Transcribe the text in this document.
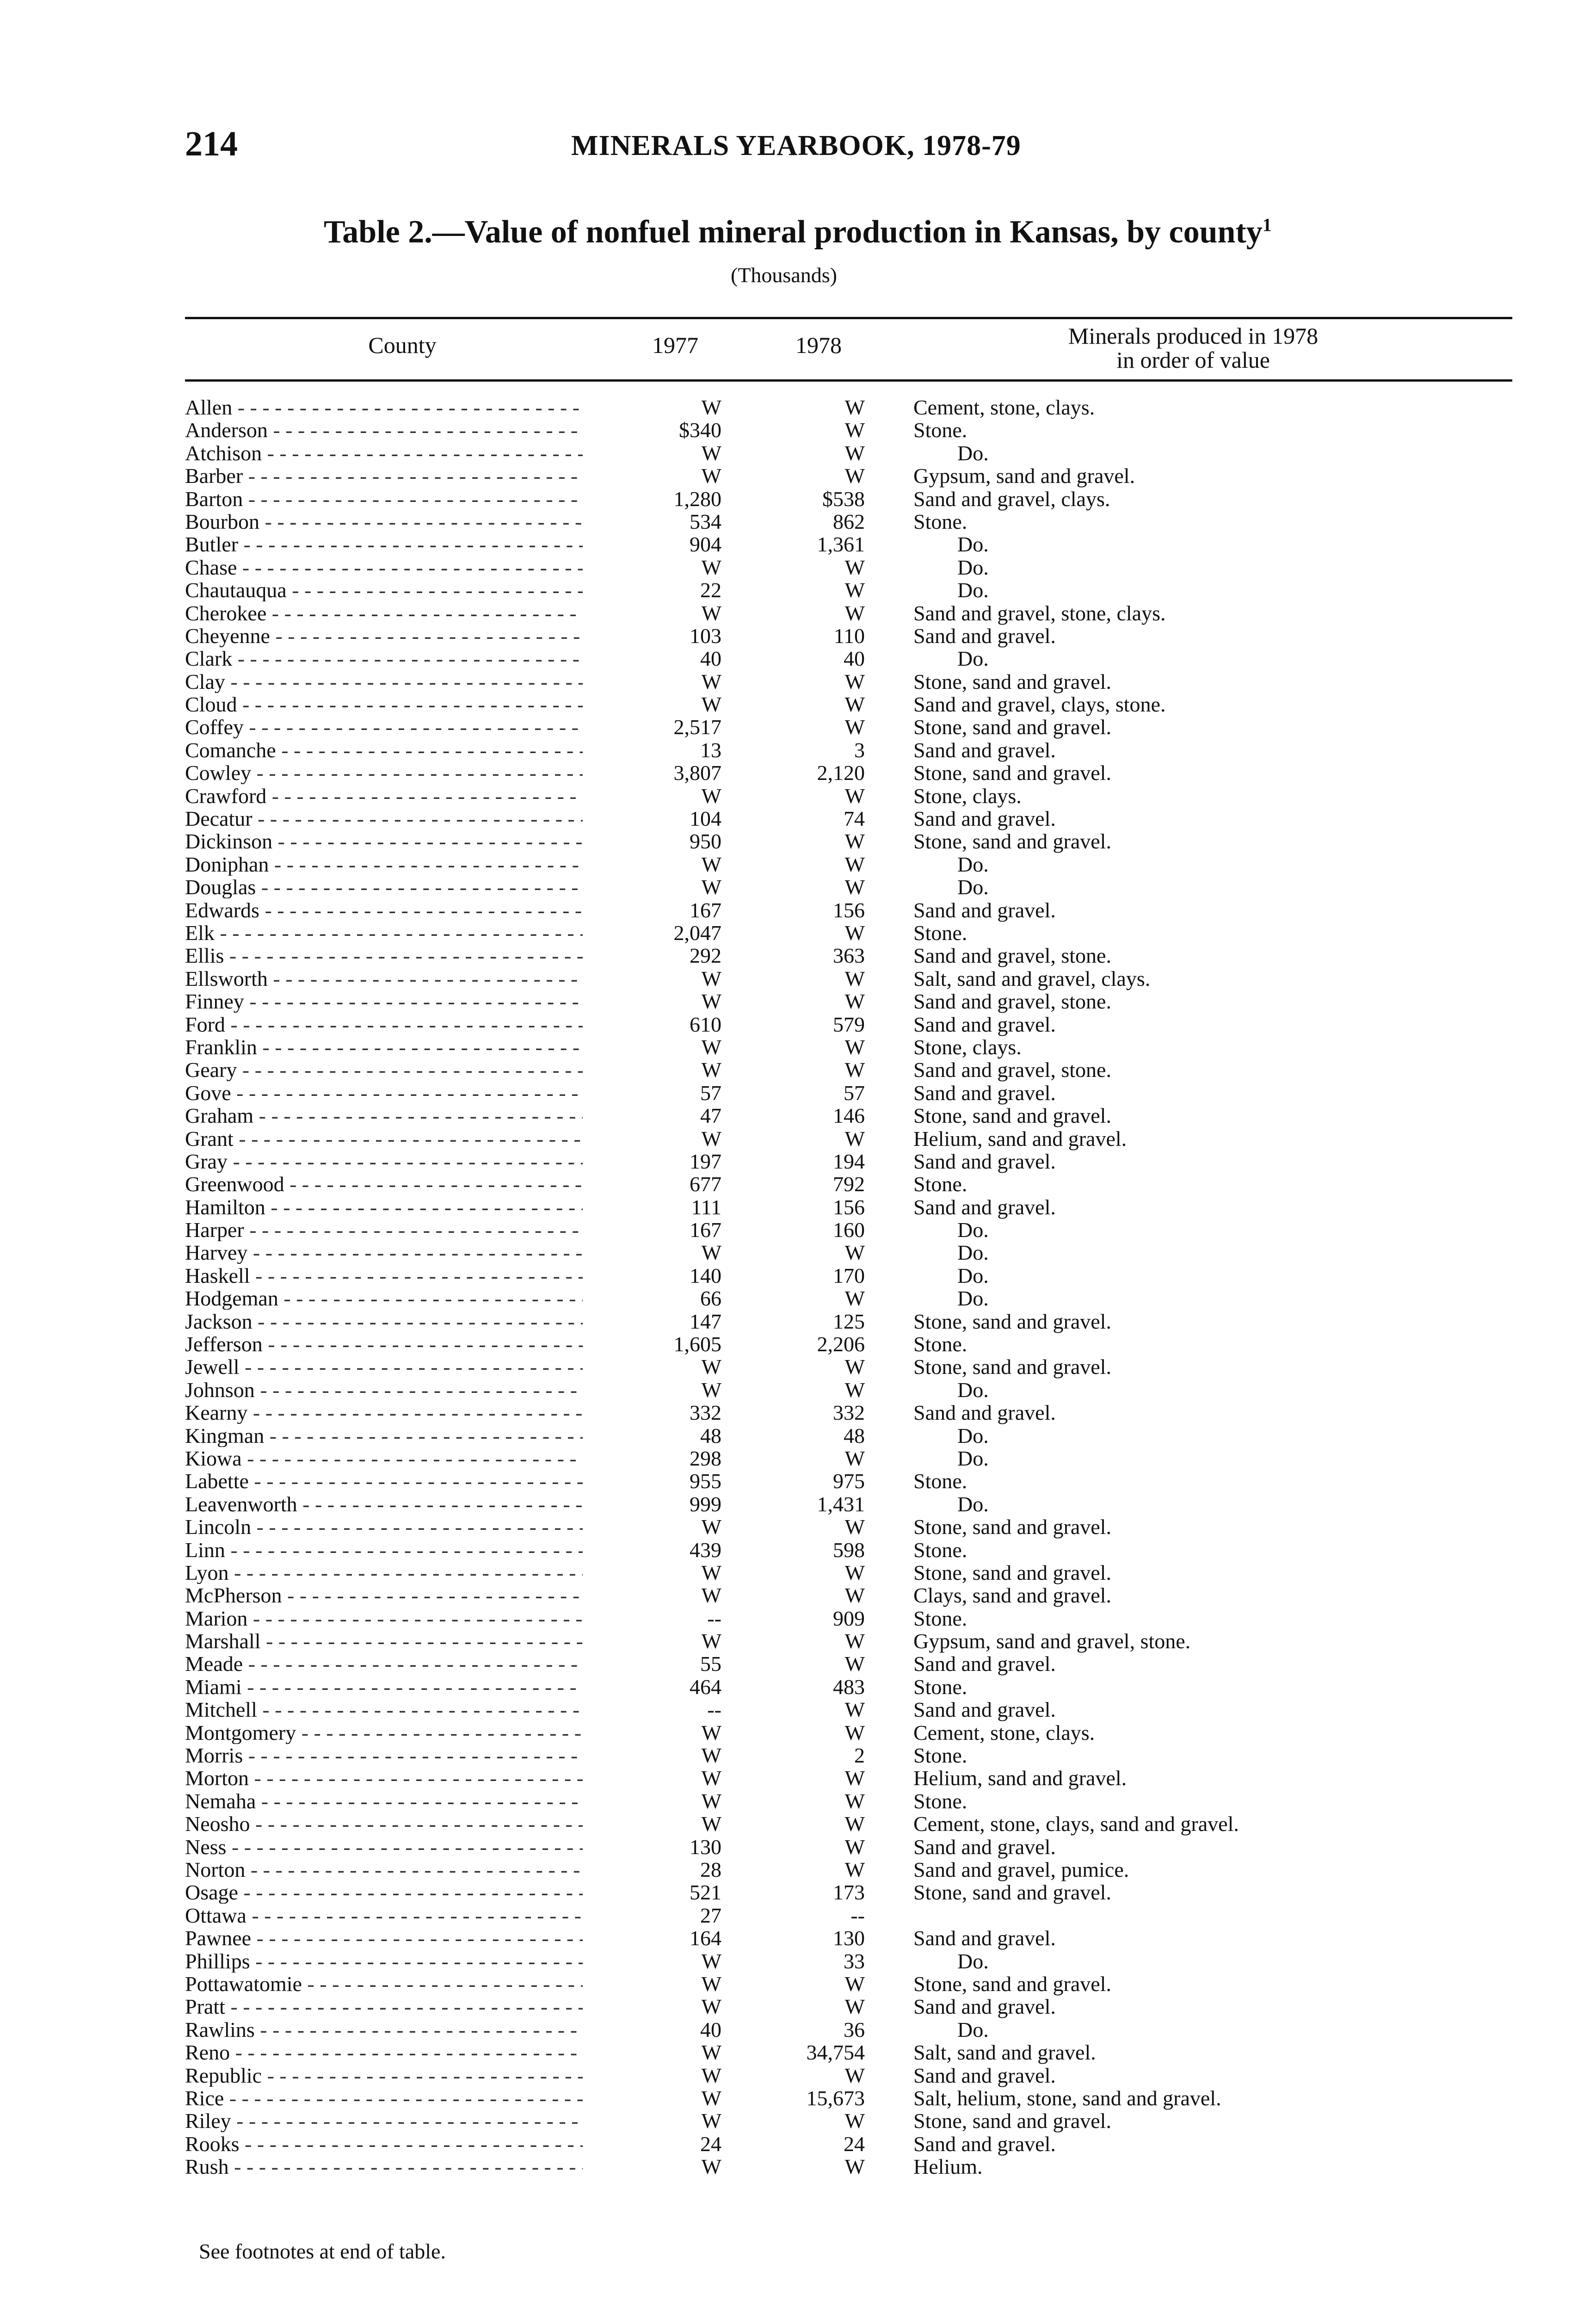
214	MINERALS YEARBOOK, 1978-79
Table 2.—Value of nonfuel mineral production in Kansas, by county$^1$
(Thousands)
County	1977	1978	Minerals produced in 1978
in order of value
Allen - - -	W	W Cement, stone, clays.
Anderson - - -	$340	W Stone.
Atchison - - -	W	W	Do.
Barber - - -	W	W Gypsum, sand and gravel.
Barton - - -	1,280	$538 Sand and gravel, clays.
Bourbon - - -	534	862 Stone.
Butler - - -	904	1,361	Do.
Chase - - -	W	W	Do.
Chautauqua - - -	22	W	Do.
Cherokee - - -	W	W Sand and gravel, stone, clays.
Cheyenne - - -	103	110 Sand and gravel.
Clark - - -	40	40	Do.
Clay - - -	W	W Stone, sand and gravel.
Cloud - - -	W	W Sand and gravel, clays, stone.
Coffey - - -	2,517	W Stone, sand and gravel.
Comanche - - -	13	3 Sand and gravel.
Cowley - - -	3,807	2,120 Stone, sand and gravel.
Crawford - - -	W	W Stone, clays.
Decatur - - -	104	74 Sand and gravel.
Dickinson - - -	950	W Stone, sand and gravel.
Doniphan - - -	W	W	Do.
Douglas - - -	W	W	Do.
Edwards - - -	167	156 Sand and gravel.
Elk - - -	2,047	W Stone.
Ellis - - -	292	363 Sand and gravel, stone.
Ellsworth - - -	W	W Salt, sand and gravel, clays.
Finney - - -	W	W Sand and gravel, stone.
Ford - - -	610	579 Sand and gravel.
Franklin - - -	W	W Stone, clays.
Geary - - -	W	W Sand and gravel, stone.
Gove - - -	57	57 Sand and gravel.
Graham - - -	47	146 Stone, sand and gravel.
Grant - - -	W	W Helium, sand and gravel.
Gray - - -	197	194 Sand and gravel.
Greenwood - - -	677	792 Stone.
Hamilton - - -	111	156 Sand and gravel.
Harper - - -	167	160	Do.
Harvey - - -	W	W	Do.
Haskell - - -	140	170	Do.
Hodgeman - - -	66	W	Do.
Jackson - - -	147	125 Stone, sand and gravel.
Jefferson - - -	1,605	2,206 Stone.
Jewell - - -	W	W Stone, sand and gravel.
Johnson - - -	W	W	Do.
Kearny - - -	332	332 Sand and gravel.
Kingman - - -	48	48	Do.
Kiowa - - -	298	W	Do.
Labette - - -	955	975 Stone.
Leavenworth - - -	999	1,431	Do.
Lincoln - - -	W	W Stone, sand and gravel.
Linn - - -	439	598 Stone.
Lyon - - -	W	W Stone, sand and gravel.
McPherson - - -	W	W Clays, sand and gravel.
Marion - - -	--	909 Stone.
Marshall - - -	W	W Gypsum, sand and gravel, stone.
Meade - - -	55	W Sand and gravel.
Miami - - -	464	483 Stone.
Mitchell - - -	--	W Sand and gravel.
Montgomery - - -	W	W Cement, stone, clays.
Morris - - -	W	2 Stone.
Morton - - -	W	W Helium, sand and gravel.
Nemaha - - -	W	W Stone.
Neosho - - -	W	W Cement, stone, clays, sand and gravel.
Ness - - -	130	W Sand and gravel.
Norton - - -	28	W Sand and gravel, pumice.
Osage - - -	521	173 Stone, sand and gravel.
Ottawa - - -	27	--
Pawnee - - -	164	130 Sand and gravel.
Phillips - - -	W	33	Do.
Pottawatomie - - -	W	W Stone, sand and gravel.
Pratt - - -	W	W Sand and gravel.
Rawlins - - -	40	36	Do.
Reno - - -	W	34,754 Salt, sand and gravel.
Republic - - -	W	W Sand and gravel.
Rice - - -	W	15,673 Salt, helium, stone, sand and gravel.
Riley - - -	W	W Stone, sand and gravel.
Rooks - - -	24	24 Sand and gravel.
Rush - - -	W	W Helium.
See footnotes at end of table.
